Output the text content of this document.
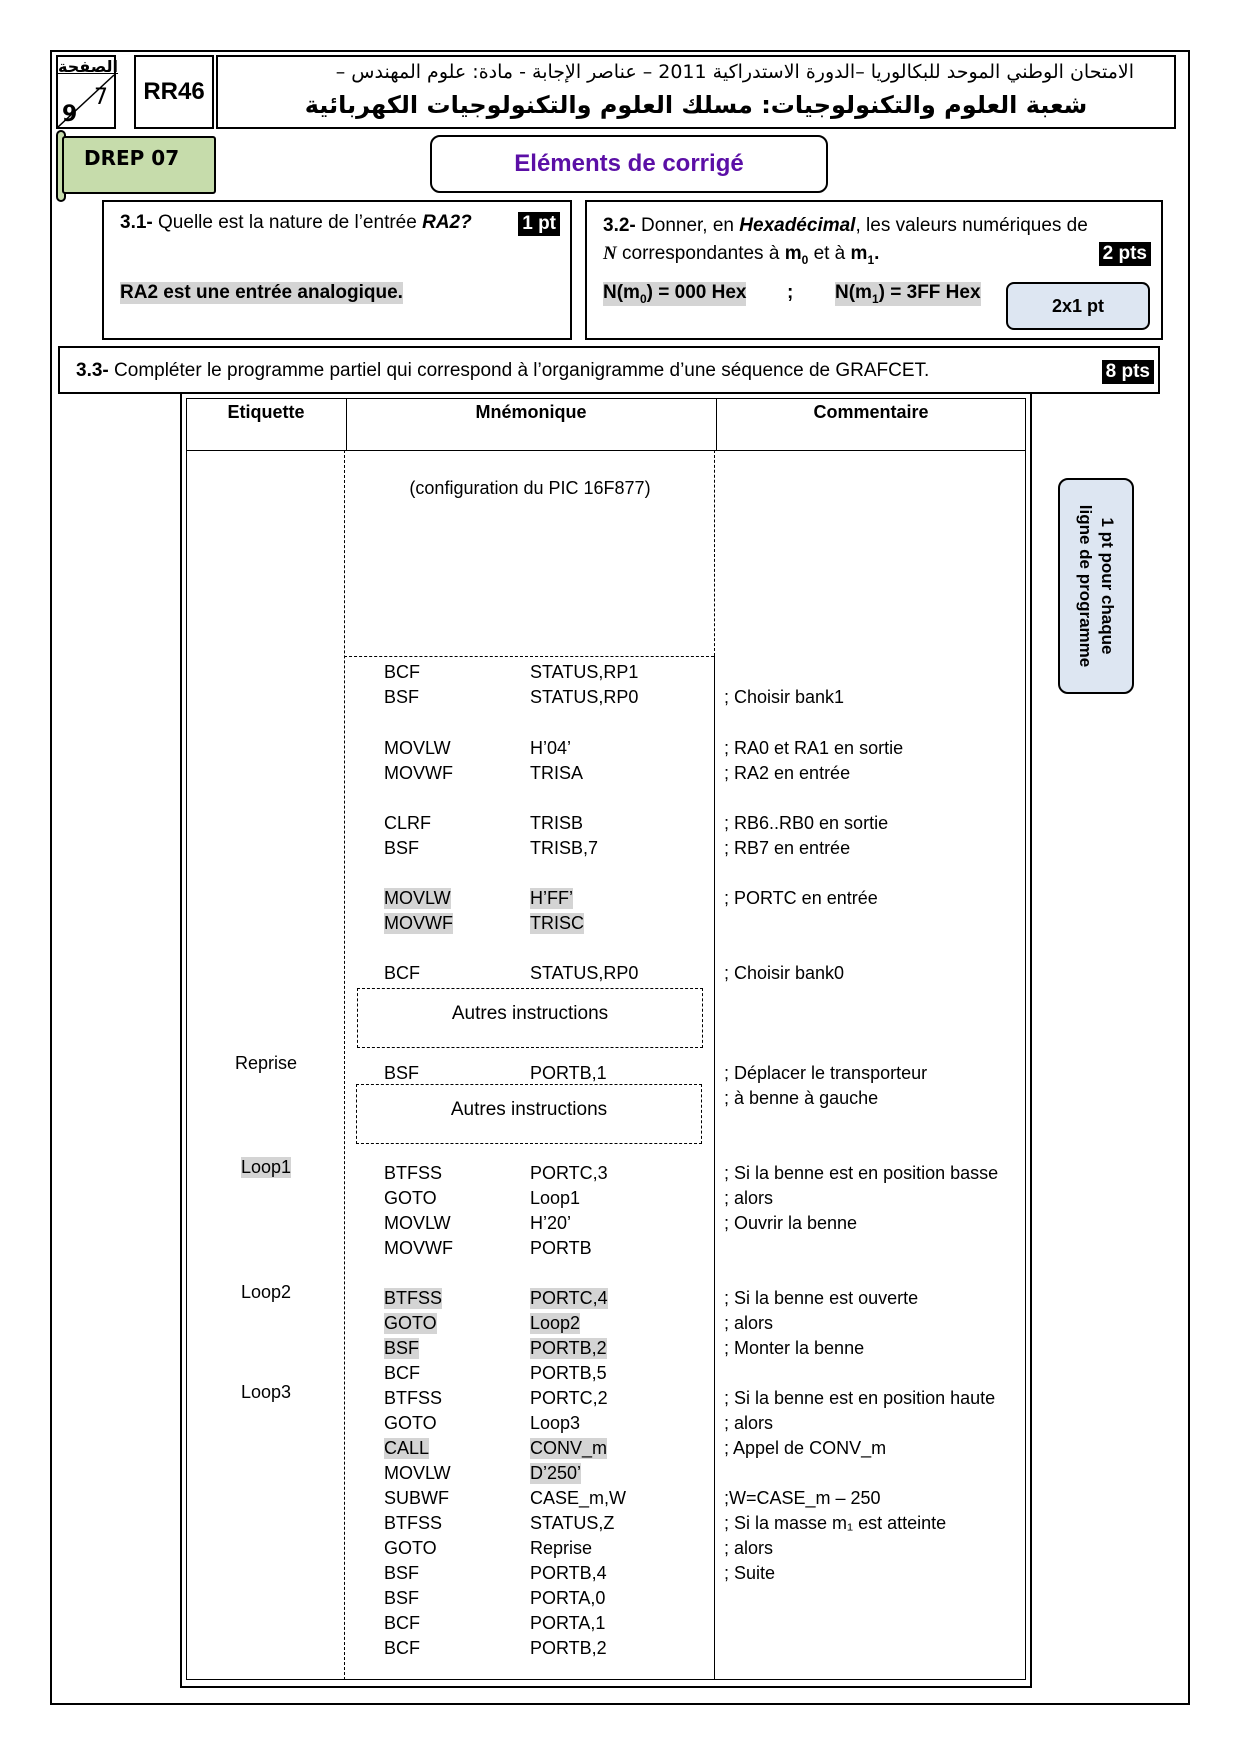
الصفحة
7
9
RR46
الامتحان الوطني الموحد للبكالوريا –الدورة الاستدراكية 2011 – عناصر الإجابة - مادة: علوم المهندس –
شعبة العلوم والتكنولوجيات: مسلك العلوم والتكنولوجيات الكهربائية
DREP 07	Eléments de corrigé
3.1- Quelle est la nature de l’entrée RA2?	1 pt
RA2 est une entrée analogique.
3.2- Donner, en Hexadécimal, les valeurs numériques de
N correspondantes à $m_0$ et à $m_1$.	2 pts
$N(m_0) = 000$ Hex ; $N(m_1) = 3FF$ Hex
2x1 pt
3.3- Compléter le programme partiel qui correspond à l’organigramme d’une séquence de GRAFCET.	8 pts
Etiquette	Mnémonique	Commentaire
(configuration du PIC 16F877)
Autres instructions
Autres instructions
1 pt pour chaque
ligne de programme
BCF	STATUS,RP1
BSF	STATUS,RP0	; Choisir bank1
MOVLW	H’04’	; RA0 et RA1 en sortie
MOVWF	TRISA	; RA2 en entrée
CLRF	TRISB	; RB6..RB0 en sortie
BSF	TRISB,7	; RB7 en entrée
MOVLW	H’FF’	; PORTC en entrée
MOVWF	TRISC
BCF	STATUS,RP0	; Choisir bank0
Reprise	BSF	PORTB,1	; Déplacer le transporteur
; à benne à gauche
Loop1	BTFSS	PORTC,3	; Si la benne est en position basse
GOTO	Loop1	; alors
MOVLW	H’20’	; Ouvrir la benne
MOVWF	PORTB
Loop2	BTFSS	PORTC,4	; Si la benne est ouverte
GOTO	Loop2	; alors
BSF	PORTB,2	; Monter la benne
BCF	PORTB,5
Loop3	BTFSS	PORTC,2	; Si la benne est en position haute
GOTO	Loop3	; alors
CALL	CONV_m	; Appel de CONV_m
MOVLW	D’250’
SUBWF	CASE_m,W	;W=CASE_m – 250
BTFSS	STATUS,Z	; Si la masse m₁ est atteinte
GOTO	Reprise	; alors
BSF	PORTB,4	; Suite
BSF	PORTA,0
BCF	PORTA,1
BCF	PORTB,2
